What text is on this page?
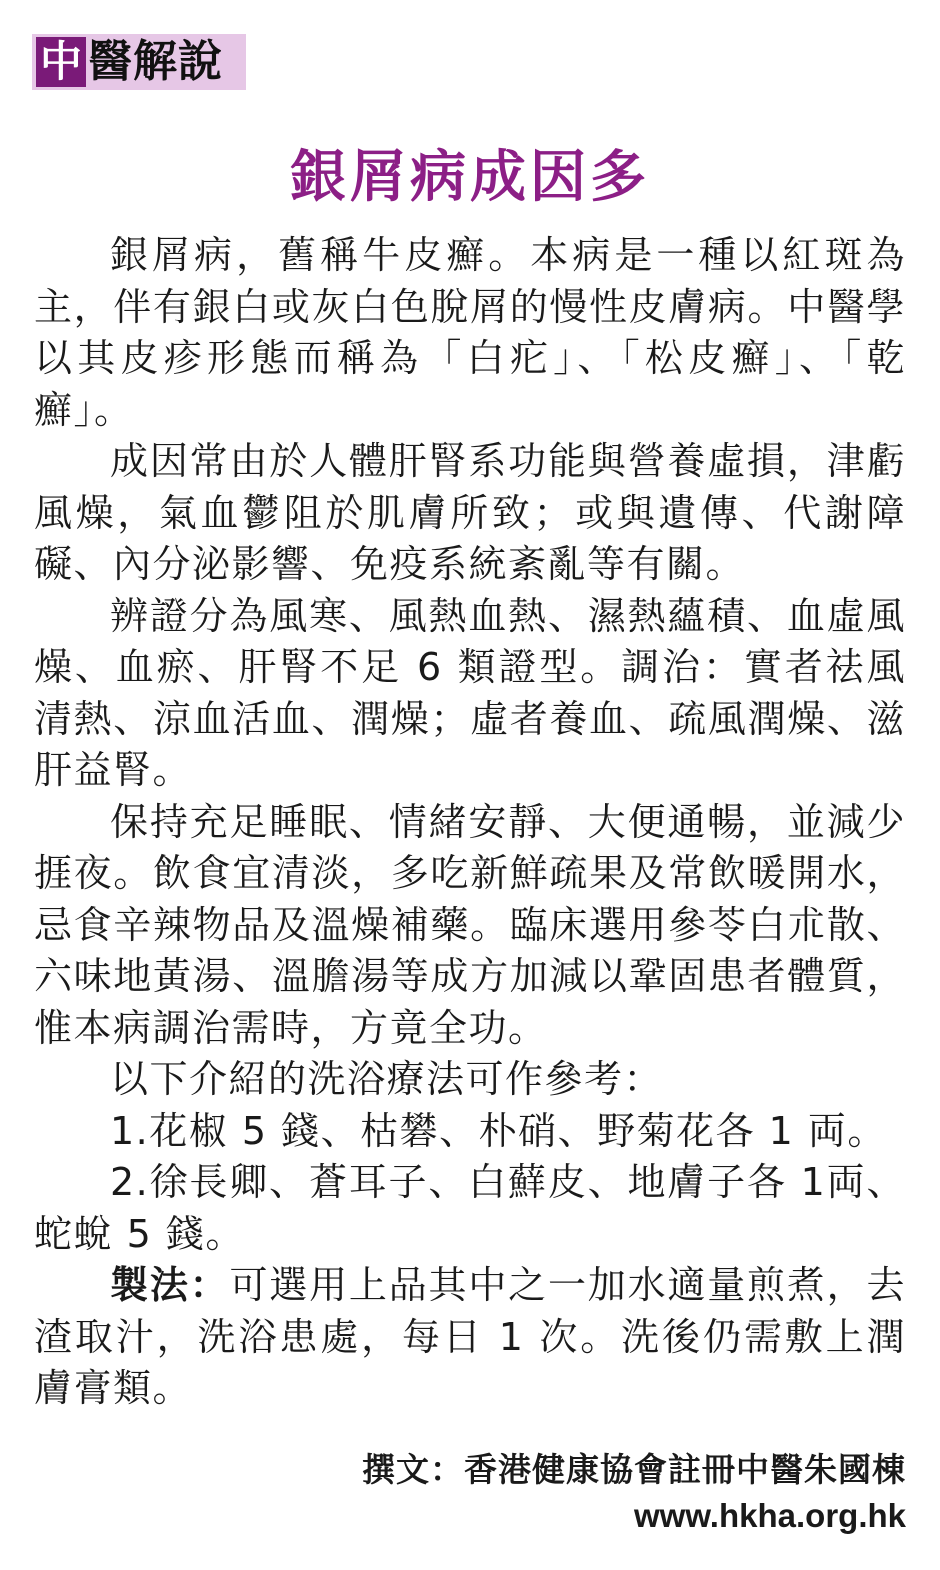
中 醫解說
銀屑病成因多

銀屑病，舊稱牛皮癬。本病是一種以紅斑為主，伴有銀白或灰白色脫屑的慢性皮膚病。中醫學以其皮疹形態而稱為「白疕」、「松皮癬」、「乾癬」。

成因常由於人體肝腎系功能與營養虛損，津虧風燥，氣血鬱阻於肌膚所致；或與遺傳、代謝障礙、內分泌影響、免疫系統紊亂等有關。

辨證分為風寒、風熱血熱、濕熱蘊積、血虛風燥、血瘀、肝腎不足 6 類證型。調治：實者祛風清熱、涼血活血、潤燥；虛者養血、疏風潤燥、滋肝益腎。

保持充足睡眠、情緒安靜、大便通暢，並減少捱夜。飲食宜清淡，多吃新鮮疏果及常飲暖開水，忌食辛辣物品及溫燥補藥。臨床選用參苓白朮散、六味地黃湯、溫膽湯等成方加減以鞏固患者體質，惟本病調治需時，方竟全功。

以下介紹的洗浴療法可作參考：

1.花椒 5 錢、枯礬、朴硝、野菊花各 1 両。

2.徐長卿、蒼耳子、白蘚皮、地膚子各 1両、蛇蛻 5 錢。

製法：可選用上品其中之一加水適量煎煮，去渣取汁，洗浴患處，每日 1 次。洗後仍需敷上潤膚膏類。

撰文：香港健康協會註冊中醫朱國棟
www.hkha.org.hk
